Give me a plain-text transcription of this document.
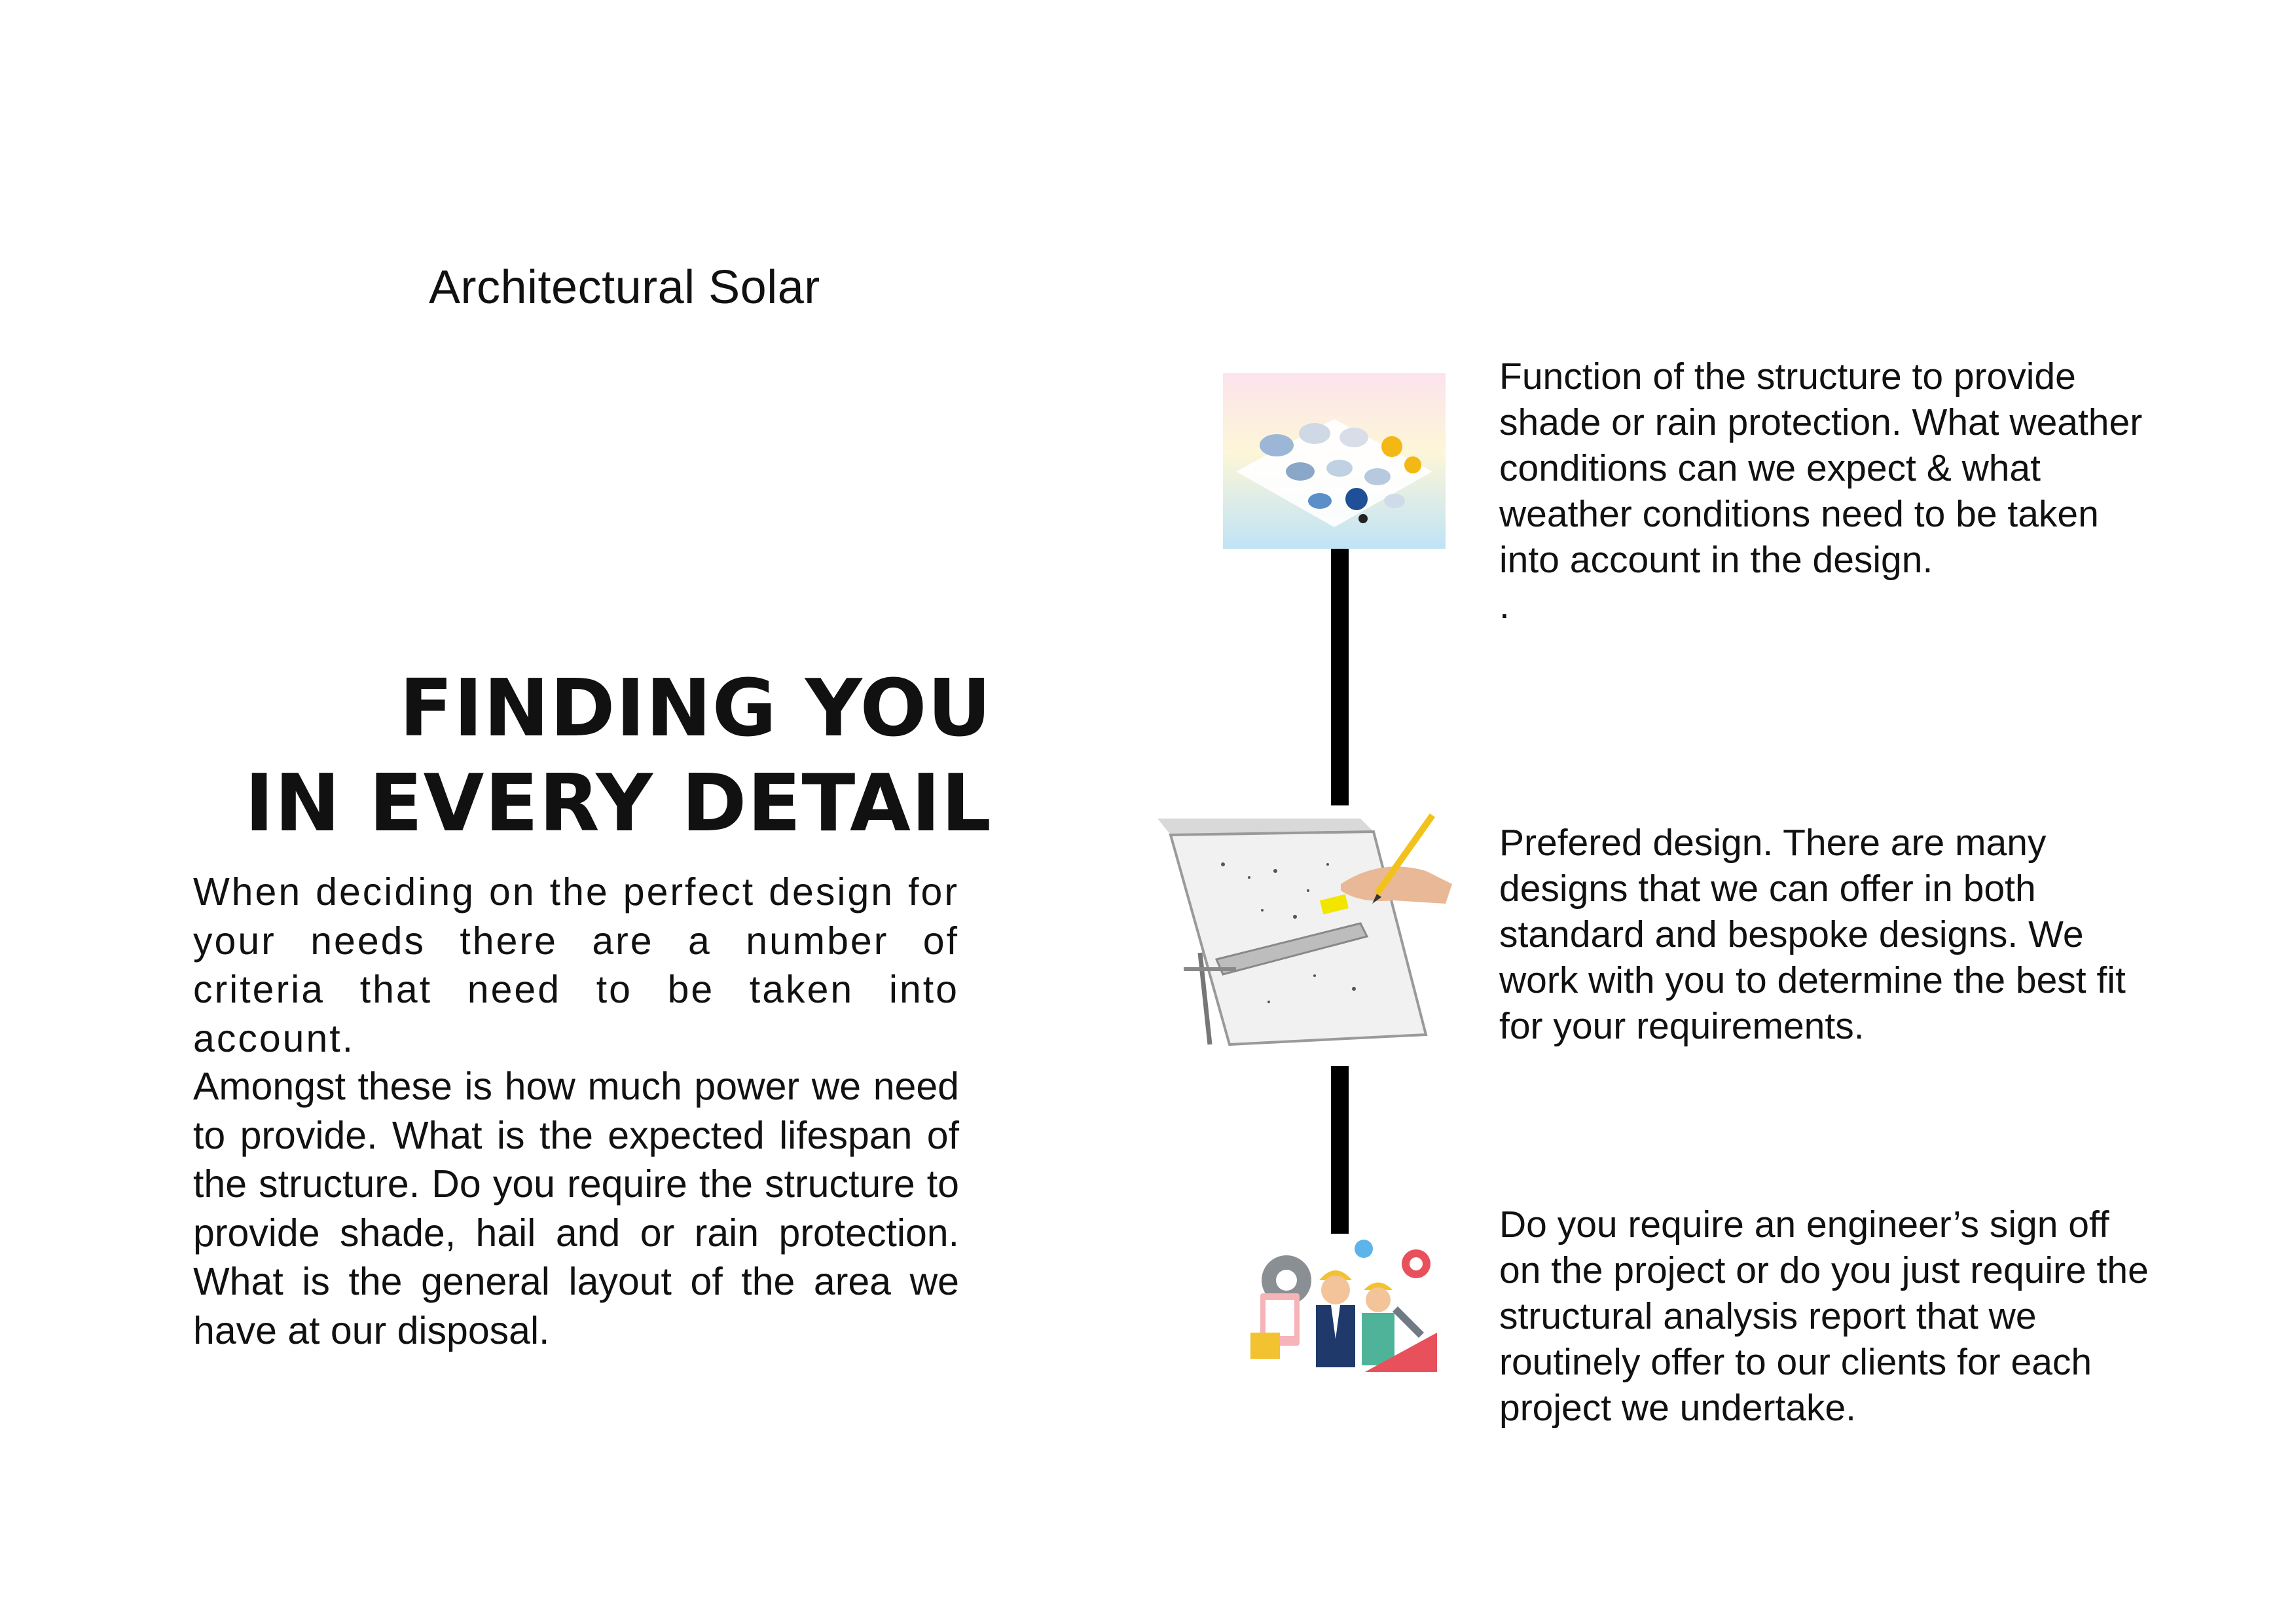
Architectural Solar
FINDING YOU
IN EVERY DETAIL
When deciding on the perfect design for your needs there are a number of criteria that need to be taken into account.
Amongst these is how much power we need to provide. What is the expected lifespan of the structure. Do you require the structure to provide shade, hail and or rain protection. What is the general layout of the area we have at our disposal.
Function of the structure to provide shade or rain protection. What weather conditions can we expect & what weather conditions need to be taken into account in the design.
.
Prefered design. There are many designs that we can offer in both standard and bespoke designs. We work with you to determine the best fit for your requirements.
Do you require an engineer’s sign off on the project or do you just require the structural analysis report that we routinely offer to our clients for each project we undertake.
